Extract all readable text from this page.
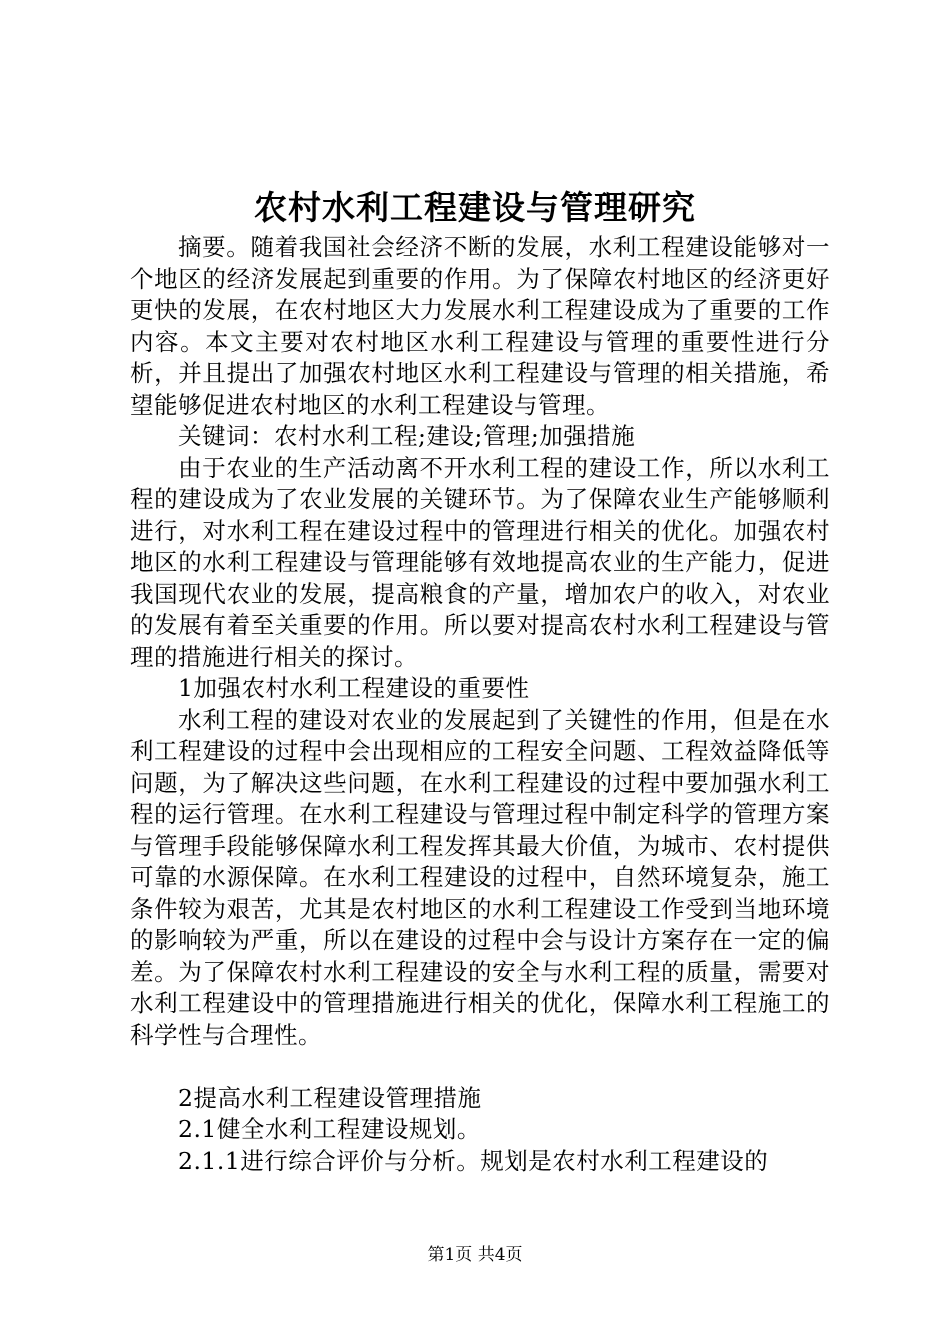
农村水利工程建设与管理研究

摘要。随着我国社会经济不断的发展，水利工程建设能够对一个地区的经济发展起到重要的作用。为了保障农村地区的经济更好更快的发展，在农村地区大力发展水利工程建设成为了重要的工作内容。本文主要对农村地区水利工程建设与管理的重要性进行分析，并且提出了加强农村地区水利工程建设与管理的相关措施，希望能够促进农村地区的水利工程建设与管理。

关键词：农村水利工程;建设;管理;加强措施

由于农业的生产活动离不开水利工程的建设工作，所以水利工程的建设成为了农业发展的关键环节。为了保障农业生产能够顺利进行，对水利工程在建设过程中的管理进行相关的优化。加强农村地区的水利工程建设与管理能够有效地提高农业的生产能力，促进我国现代农业的发展，提高粮食的产量，增加农户的收入，对农业的发展有着至关重要的作用。所以要对提高农村水利工程建设与管理的措施进行相关的探讨。

1加强农村水利工程建设的重要性

水利工程的建设对农业的发展起到了关键性的作用，但是在水利工程建设的过程中会出现相应的工程安全问题、工程效益降低等问题，为了解决这些问题，在水利工程建设的过程中要加强水利工程的运行管理。在水利工程建设与管理过程中制定科学的管理方案与管理手段能够保障水利工程发挥其最大价值，为城市、农村提供可靠的水源保障。在水利工程建设的过程中，自然环境复杂，施工条件较为艰苦，尤其是农村地区的水利工程建设工作受到当地环境的影响较为严重，所以在建设的过程中会与设计方案存在一定的偏差。为了保障农村水利工程建设的安全与水利工程的质量，需要对水利工程建设中的管理措施进行相关的优化，保障水利工程施工的科学性与合理性。

2提高水利工程建设管理措施

2.1健全水利工程建设规划。

2.1.1进行综合评价与分析。规划是农村水利工程建设的

第1页 共4页
